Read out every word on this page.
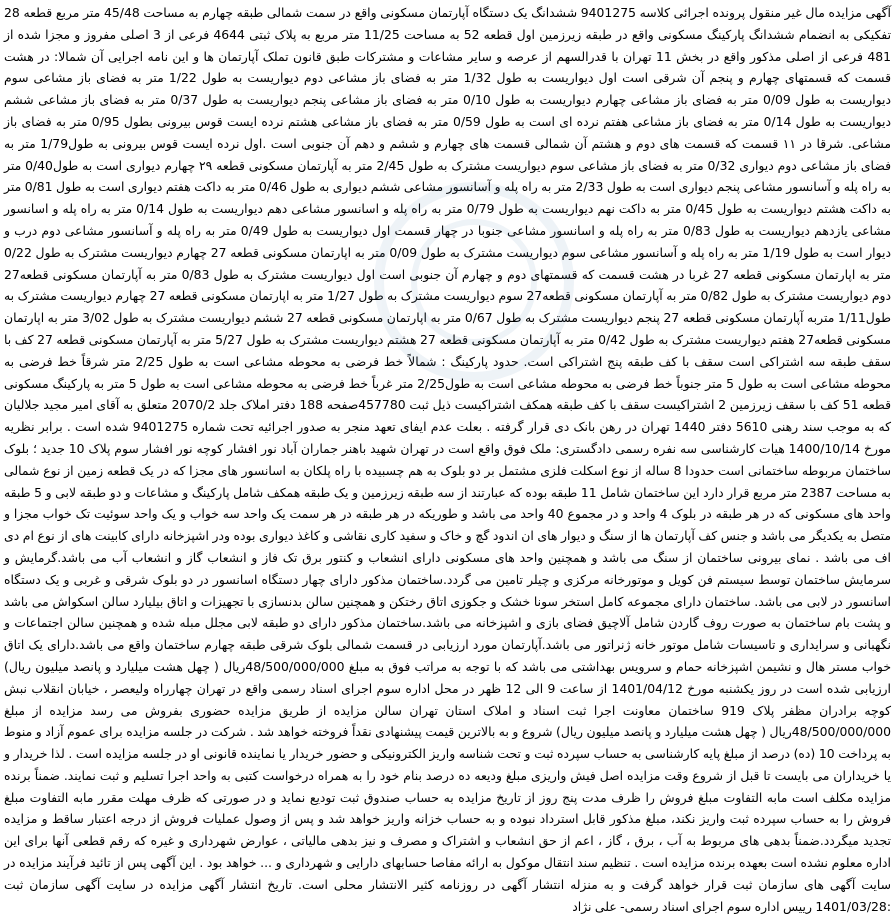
آگهی مزایده مال غیر منقول پرونده اجرائی کلاسه 9401275 ششدانگ یک دستگاه آپارتمان مسکونی واقع در سمت شمالی طبقه چهارم به مساحت 45/48 متر مربع قطعه 28 تفکیکی به انضمام ششدانگ پارکینگ مسکونی واقع در طبقه زیرزمین اول قطعه 52 به مساحت 11/25 متر مربع به پلاک ثبتی 4644 فرعی از 3 اصلی مفروز و مجزا شده از 481 فرعی از اصلی مذکور واقع در بخش 11 تهران با قدرالسهم از عرصه و سایر مشاعات و مشترکات طبق قانون تملک آپارتمان ها و این نامه اجرایی آن شمالا: در هشت قسمت که قسمتهای چهارم و پنجم آن شرقی است اول دیواریست به طول 1/32 متر به فضای باز مشاعی دوم دیواریست به طول 1/22 متر به فضای باز مشاعی سوم دیواریست به طول 0/09 متر به فضای باز مشاعی چهارم دیواریست به طول 0/10 متر به فضای باز مشاعی پنجم دیواریست به طول 0/37 متر به فضای باز مشاعی ششم دیواریست به طول 0/14 متر به فضای باز مشاعی هفتم نرده ای است به طول 0/59 متر به فضای باز مشاعی هشتم نرده ایست قوس بیرونی بطول 0/95 متر به فضای باز مشاعی. شرقا در ۱۱ قسمت که قسمت های دوم و هشتم آن شمالی قسمت های چهارم و ششم و دهم آن جنوبی است .اول نرده ایست قوس بیرونی به طول1/79 متر به فضای باز مشاعی دوم دیواری 0/32 متر به فضای باز مشاعی سوم دیواریست مشترک به طول 2/45 متر به آپارتمان مسکونی قطعه ۲۹ چهارم دیواری است به طول0/40 متر به راه پله و آسانسور مشاعی پنجم دیواری است به طول 2/33 متر به راه پله و آسانسور مشاعی ششم دیواری به طول 0/46 متر به داکت هفتم دیواری است به طول 0/81 متر به داکت هشتم دیواریست به طول 0/45 متر به داکت نهم دیواریست به طول 0/79 متر به راه پله و اسانسور مشاعی دهم دیواریست به طول 0/14 متر به راه پله و اسانسور مشاعی یازدهم دیواریست به طول 0/83 متر به راه پله و اسانسور مشاعی جنوبا در چهار قسمت اول دیواریست به طول 0/49 متر به راه پله و آسانسور مشاعی دوم درب و دیوار است به طول 1/19 متر به راه پله و آسانسور مشاعی سوم دیواریست مشترک به طول 0/09 متر به اپارتمان مسکونی قطعه 27 چهارم دیواریست مشترک به طول 0/22 متر به اپارتمان مسکونی قطعه 27 غربا در هشت قسمت که قسمتهای دوم و چهارم آن جنوبی است اول دیواریست مشترک به طول 0/83 متر به آپارتمان مسکونی قطعه27 دوم دیواریست مشترک به طول 0/82 متر به آپارتمان مسکونی قطعه27 سوم دیواریست مشترک به طول 1/27 متر به اپارتمان مسکونی قطعه 27 چهارم دیواریست مشترک به طول1/11 متربه آپارتمان مسکونی قطعه 27 پنجم دیواریست مشترک به طول 0/67 متر به اپارتمان مسکونی قطعه 27 ششم دیواریست مشترک به طول 3/02 متر به اپارتمان مسکونی قطعه27 هفتم دیواریست مشترک به طول 0/42 متر به آپارتمان مسکونی قطعه 27 هشتم دیواریست مشترک به طول 5/27 متر به آپارتمان مسکونی قطعه 27 کف با سقف طبقه سه اشتراکی است سقف با کف طبقه پنج اشتراکی است. حدود پارکینگ : شمالاً خط فرضی به محوطه مشاعی است به طول 2/25 متر شرقاً خط فرضی به محوطه مشاعی است به طول 5 متر جنوباً خط فرضی به محوطه مشاعی است به طول2/25 متر غرباً خط فرضی به محوطه مشاعی است به طول 5 متر به پارکینگ مسکونی قطعه 51 کف با سقف زیرزمین 2 اشتراکیست سقف با کف طبقه همکف اشتراکیست ذیل ثبت 457780صفحه 188 دفتر املاک جلد 2070/2 متعلق به آقای امیر مجید جلالیان که به موجب سند رهنی 5610 دفتر 1440 تهران در رهن بانک دی قرار گرفته . بعلت عدم ایفای تعهد منجر به صدور اجرائیه تحت شماره 9401275 شده است . برابر نظریه مورخ 1400/10/14 هیات کارشناسی سه نفره رسمی دادگستری: ملک فوق واقع است در تهران شهید باهنر جماران آباد نور افشار کوچه نور افشار سوم پلاک 10 جدید ؛ بلوک ساختمان مربوطه ساختمانی است حدودا 8 ساله از نوع اسکلت فلزی مشتمل بر دو بلوک به هم چسبیده با راه پلکان به اسانسور های مجزا که در یک قطعه زمین از نوع شمالی به مساحت 2387 متر مربع قرار دارد این ساختمان شامل 11 طبقه بوده که عبارتند از سه طبقه زیرزمین و یک طبقه همکف شامل پارکینگ و مشاعات و دو طبقه لابی و 5 طبقه واحد های مسکونی که در هر طبقه در بلوک 4 واحد و در مجموع 40 واحد می باشد و طوریکه در هر طبقه در هر سمت یک واحد سه خواب و یک واحد سوئیت تک خواب مجزا و متصل به یکدیگر می باشد و جنس کف آپارتمان ها از سنگ و دیوار های ان اندود گچ و خاک و سفید کاری نقاشی و کاغذ دیواری بوده ودر اشپزخانه دارای کابینت های از نوع ام دی اف می باشد . نمای بیرونی ساختمان از سنگ می باشد و همچنین واحد های مسکونی دارای انشعاب و کنتور برق تک فاز و انشعاب گاز و انشعاب آب می باشد.گرمایش و سرمایش ساختمان توسط سیستم فن کویل و موتورخانه مرکزی و چیلر تامین می گردد.ساختمان مذکور دارای چهار دستگاه اسانسور در دو بلوک شرقی و غربی و یک دستگاه اسانسور در لابی می باشد. ساختمان دارای مجموعه کامل استخر سونا خشک و جکوزی اتاق رختکن و همچنین سالن بدنسازی با تجهیزات و اتاق بیلیارد سالن اسکواش می باشد و پشت بام ساختمان به صورت روف گاردن شامل آلاچیق فضای بازی و اشپزخانه می باشد.ساختمان مذکور دارای دو طبقه لابی مجلل مبله شده و همچنین سالن اجتماعات و نگهبانی و سرایداری و تاسیسات شامل موتور خانه ژنراتور می باشد.آپارتمان مورد ارزیابی در قسمت شمالی بلوک شرقی طبقه چهارم ساختمان واقع می باشد.دارای یک اتاق خواب مستر هال و نشیمن اشپزخانه حمام و سرویس بهداشتی می باشد که با توجه به مراتب فوق به مبلغ 48/500/000/000ریال ( چهل هشت میلیارد و پانصد میلیون ریال) ارزیابی شده است در روز یکشنبه مورخ 1401/04/12 از ساعت 9 الی 12 ظهر در محل اداره سوم اجرای اسناد رسمی واقع در تهران چهارراه ولیعصر ، خیابان انقلاب نبش کوچه برادران مظفر پلاک 919 ساختمان معاونت اجرا ثبت اسناد و املاک استان تهران سالن مزایده از طریق مزایده حضوری بفروش می رسد مزایده از مبلغ 48/500/000/000ریال ( چهل هشت میلیارد و پانصد میلیون ریال) شروع و به بالاترین قیمت پیشنهادی نقداً فروخته خواهد شد . شرکت در جلسه مزایده برای عموم آزاد و منوط به پرداخت 10 (ده) درصد از مبلغ پایه کارشناسی به حساب سپرده ثبت و تحت شناسه واریز الکترونیکی و حضور خریدار یا نماینده قانونی او در جلسه مزایده است . لذا خریدار و یا خریداران می بایست تا قبل از شروع وقت مزایده اصل فیش واریزی مبلغ ودیعه ده درصد بنام خود را به همراه درخواست کتبی به واحد اجرا تسلیم و ثبت نمایند. ضمناً برنده مزایده مکلف است مابه التفاوت مبلغ فروش را ظرف مدت پنج روز از تاریخ مزایده به حساب صندوق ثبت تودیع نماید و در صورتی که ظرف مهلت مقرر مابه التفاوت مبلغ فروش را به حساب سپرده ثبت واریز نکند، مبلغ مذکور قابل استرداد نبوده و به حساب خزانه واریز خواهد شد و پس از وصول عملیات فروش از درجه اعتبار ساقط و مزایده تجدید میگردد.ضمناً بدهی های مربوط به آب ، برق ، گاز ، اعم از حق انشعاب و اشتراک و مصرف و نیز بدهی مالیاتی ، عوارض شهرداری و غیره که رقم قطعی آنها برای این اداره معلوم نشده است بعهده برنده مزایده است . تنظیم سند انتقال موکول به ارائه مفاصا حسابهای دارایی و شهرداری و ... خواهد بود . این آگهی پس از تائید فرآیند مزایده در سایت آگهی های سازمان ثبت قرار خواهد گرفت و به منزله انتشار آگهی در روزنامه کثیر الانتشار محلی است. تاریخ انتشار آگهی مزایده در سایت آگهی سازمان ثبت :1401/03/28 رییس اداره سوم اجرای اسناد رسمی- علی نژاد
